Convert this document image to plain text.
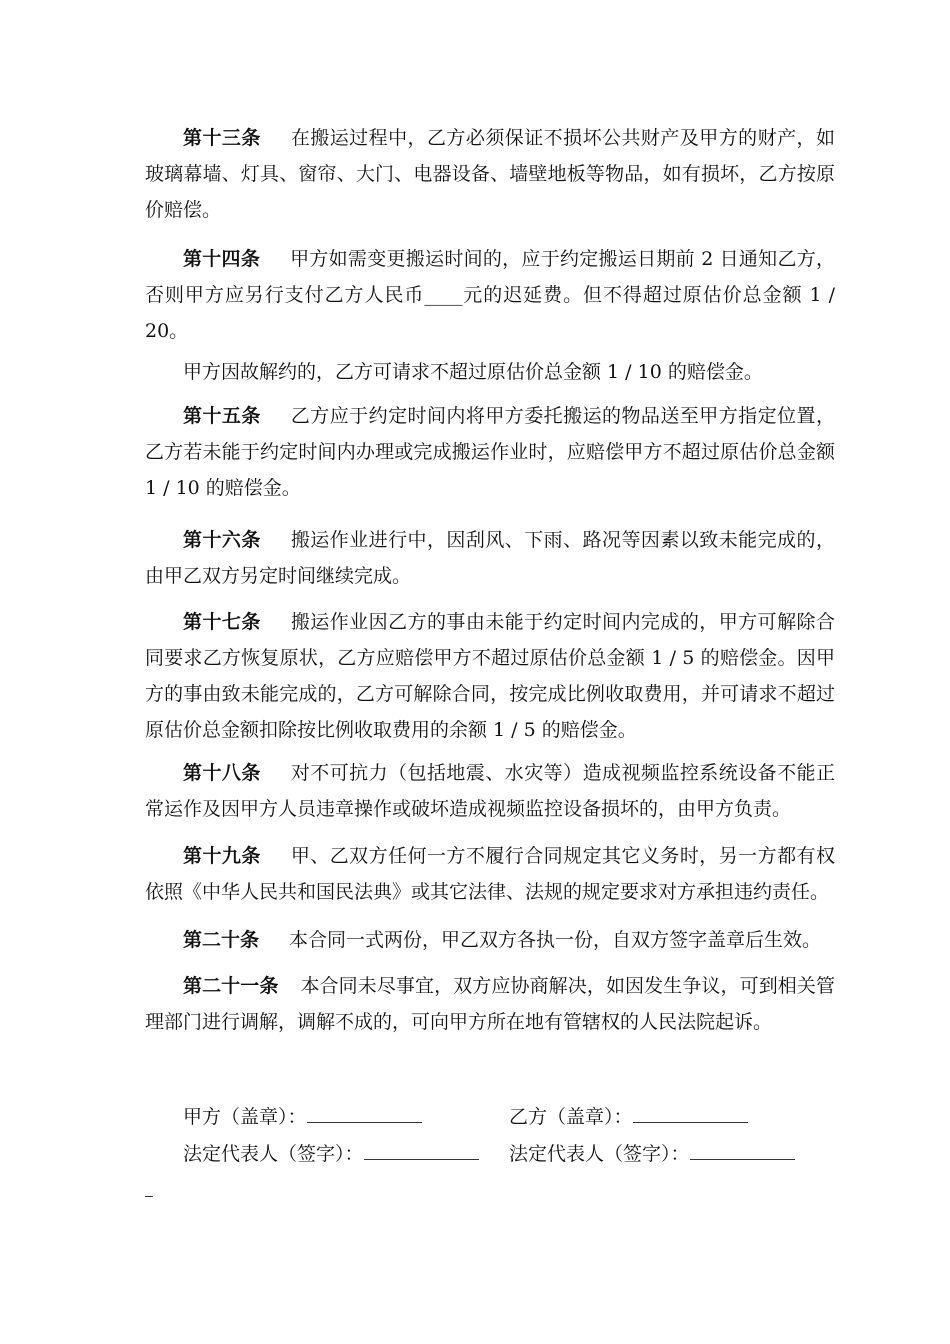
第十三条 在搬运过程中，乙方必须保证不损坏公共财产及甲方的财产，如玻璃幕墙、灯具、窗帘、大门、电器设备、墙壁地板等物品，如有损坏，乙方按原价赔偿。

第十四条 甲方如需变更搬运时间的，应于约定搬运日期前 2 日通知乙方，否则甲方应另行支付乙方人民币____元的迟延费。但不得超过原估价总金额 1 / 20。

甲方因故解约的，乙方可请求不超过原估价总金额 1 / 10 的赔偿金。

第十五条 乙方应于约定时间内将甲方委托搬运的物品送至甲方指定位置，乙方若未能于约定时间内办理或完成搬运作业时，应赔偿甲方不超过原估价总金额 1 / 10 的赔偿金。

第十六条 搬运作业进行中，因刮风、下雨、路况等因素以致未能完成的，由甲乙双方另定时间继续完成。

第十七条 搬运作业因乙方的事由未能于约定时间内完成的，甲方可解除合同要求乙方恢复原状，乙方应赔偿甲方不超过原估价总金额 1 / 5 的赔偿金。因甲方的事由致未能完成的，乙方可解除合同，按完成比例收取费用，并可请求不超过原估价总金额扣除按比例收取费用的余额 1 / 5 的赔偿金。

第十八条 对不可抗力（包括地震、水灾等）造成视频监控系统设备不能正常运作及因甲方人员违章操作或破坏造成视频监控设备损坏的，由甲方负责。

第十九条 甲、乙双方任何一方不履行合同规定其它义务时，另一方都有权依照《中华人民共和国民法典》或其它法律、法规的规定要求对方承担违约责任。

第二十条 本合同一式两份，甲乙双方各执一份，自双方签字盖章后生效。

第二十一条 本合同未尽事宜，双方应协商解决，如因发生争议，可到相关管理部门进行调解，调解不成的，可向甲方所在地有管辖权的人民法院起诉。

甲方（盖章）：	乙方（盖章）：
法定代表人（签字）：	法定代表人（签字）：
